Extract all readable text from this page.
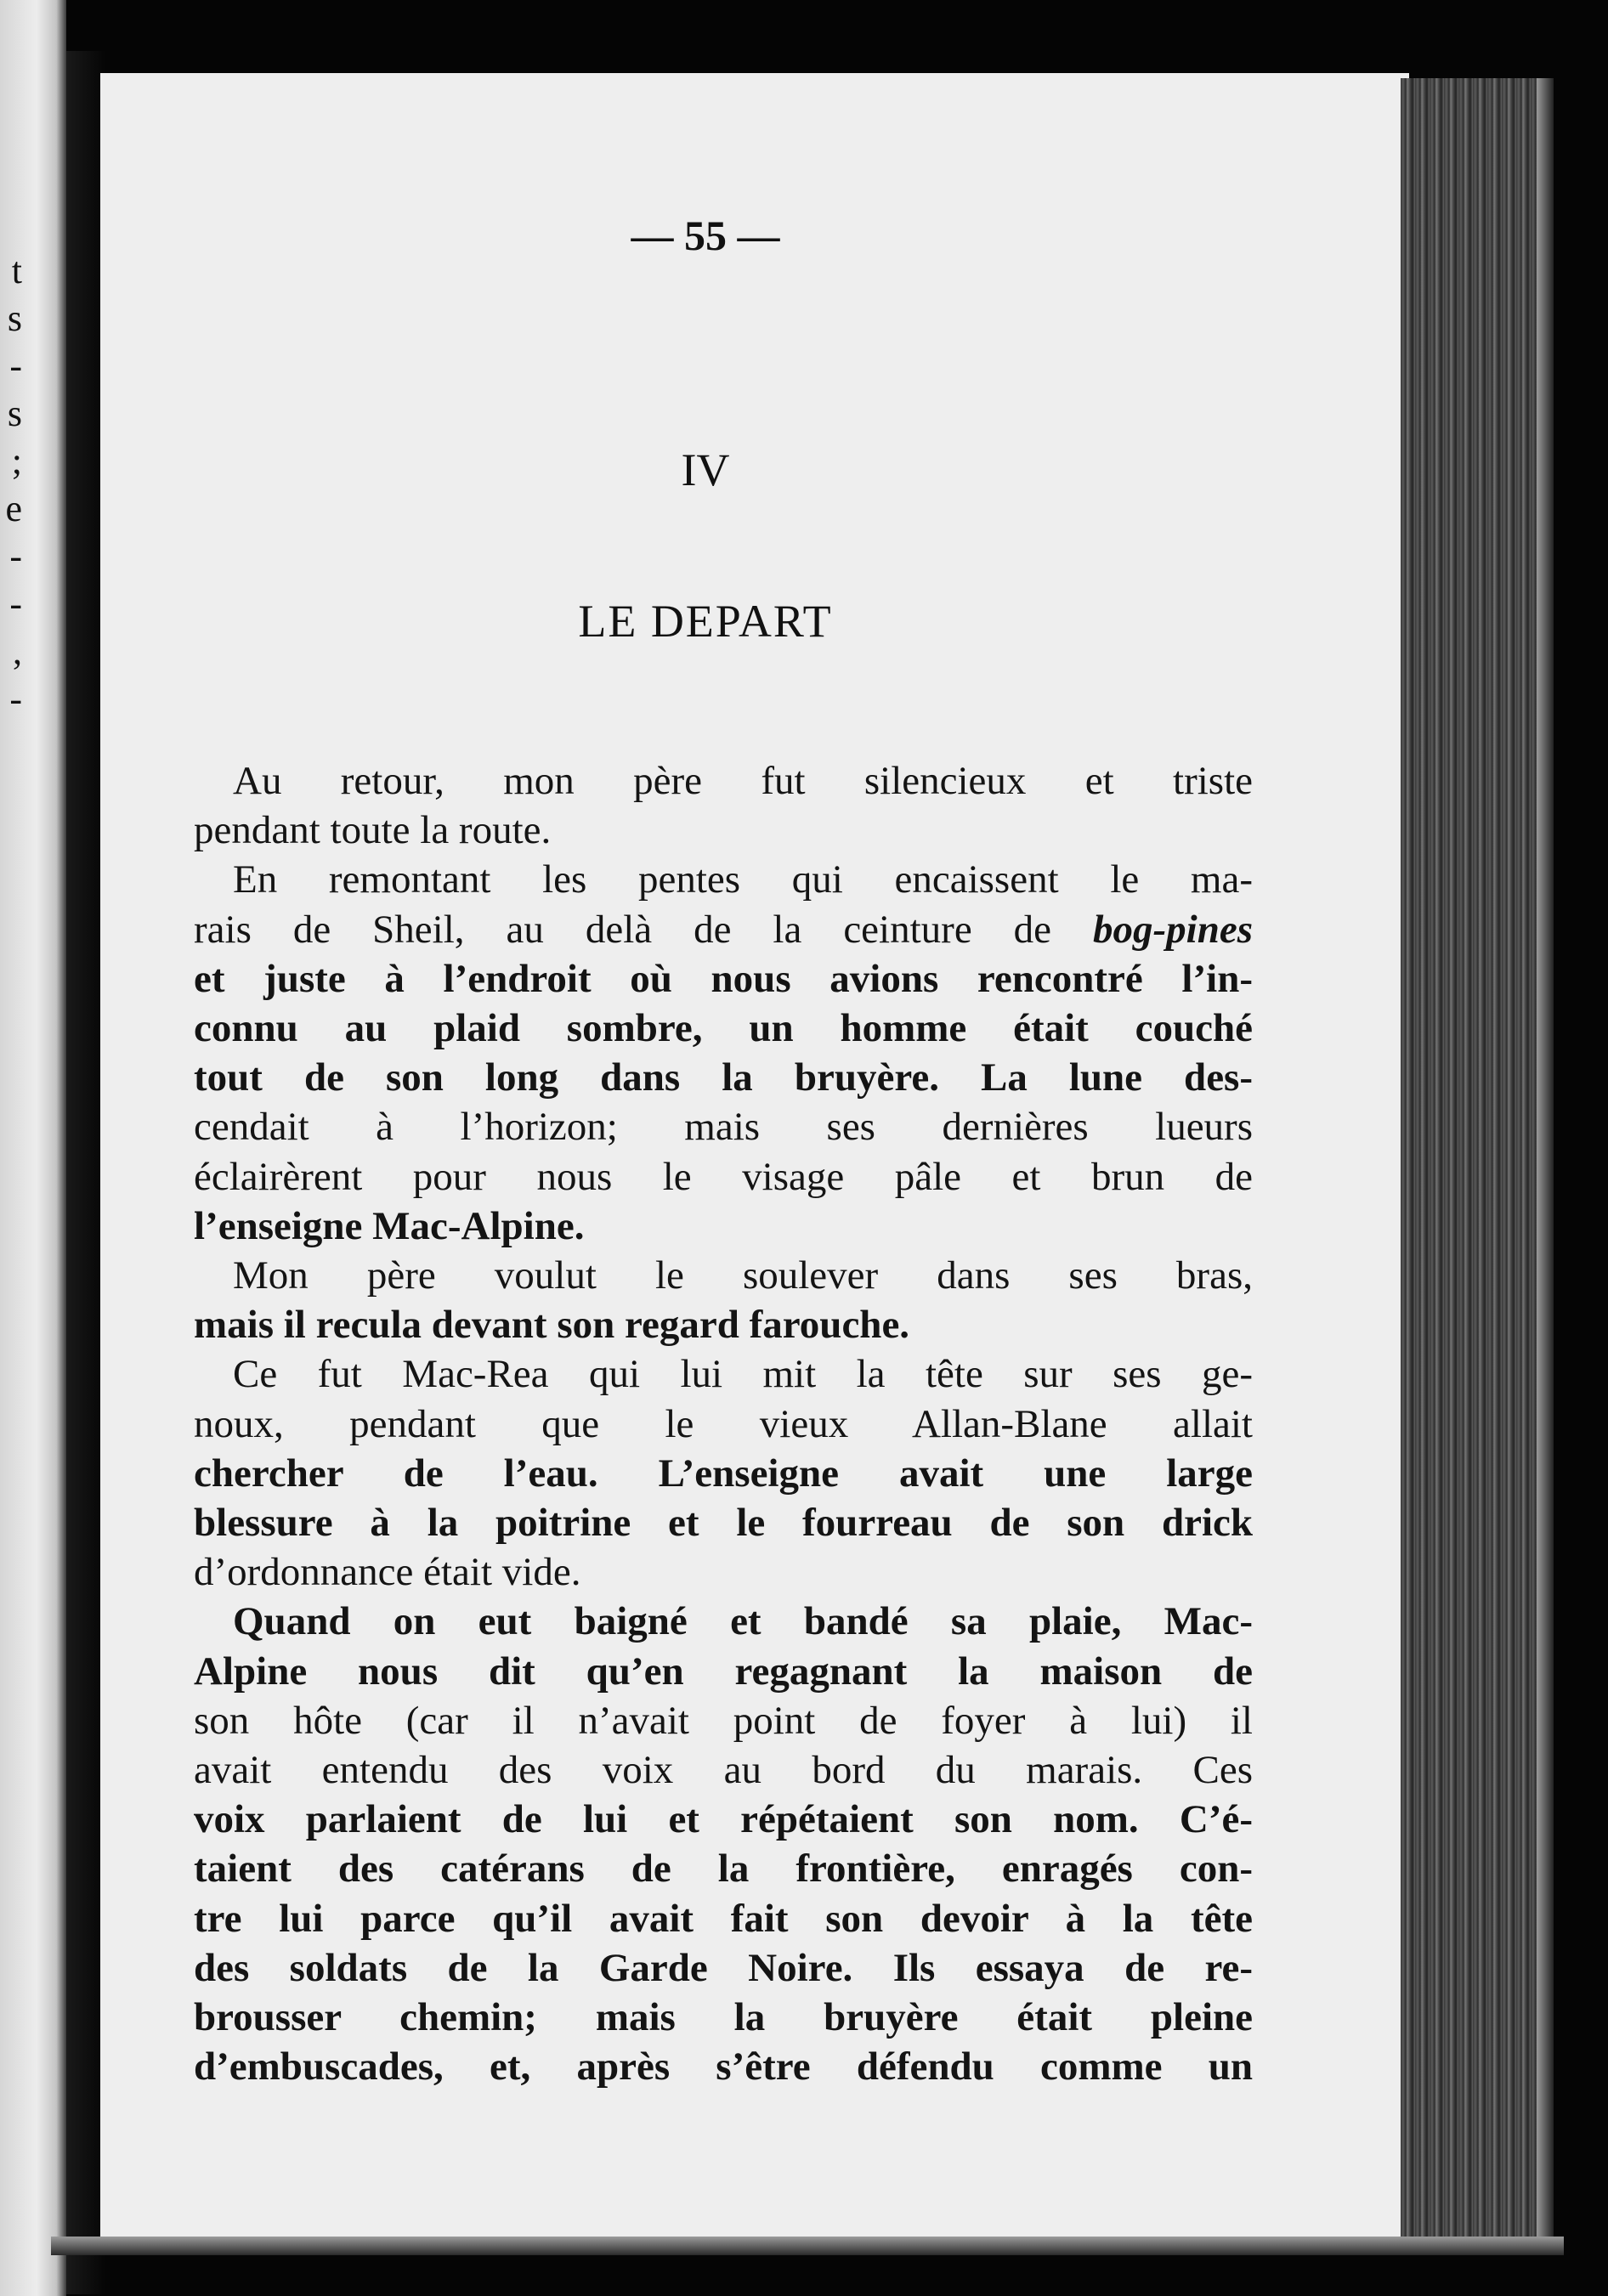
t
s
-
s
;
e
-
-
,
-
— 55 —
IV
LE DEPART
Au retour, mon père fut silencieux et triste
pendant toute la route.
En remontant les pentes qui encaissent le ma-
rais de Sheil, au delà de la ceinture de bog-pines
et juste à l’endroit où nous avions rencontré l’in-
connu au plaid sombre, un homme était couché
tout de son long dans la bruyère. La lune des-
cendait à l’horizon; mais ses dernières lueurs
éclairèrent pour nous le visage pâle et brun de
l’enseigne Mac-Alpine.
Mon père voulut le soulever dans ses bras,
mais il recula devant son regard farouche.
Ce fut Mac-Rea qui lui mit la tête sur ses ge-
noux, pendant que le vieux Allan-Blane allait
chercher de l’eau. L’enseigne avait une large
blessure à la poitrine et le fourreau de son drick
d’ordonnance était vide.
Quand on eut baigné et bandé sa plaie, Mac-
Alpine nous dit qu’en regagnant la maison de
son hôte (car il n’avait point de foyer à lui) il
avait entendu des voix au bord du marais. Ces
voix parlaient de lui et répétaient son nom. C’é-
taient des catérans de la frontière, enragés con-
tre lui parce qu’il avait fait son devoir à la tête
des soldats de la Garde Noire. Ils essaya de re-
brousser chemin; mais la bruyère était pleine
d’embuscades, et, après s’être défendu comme un
